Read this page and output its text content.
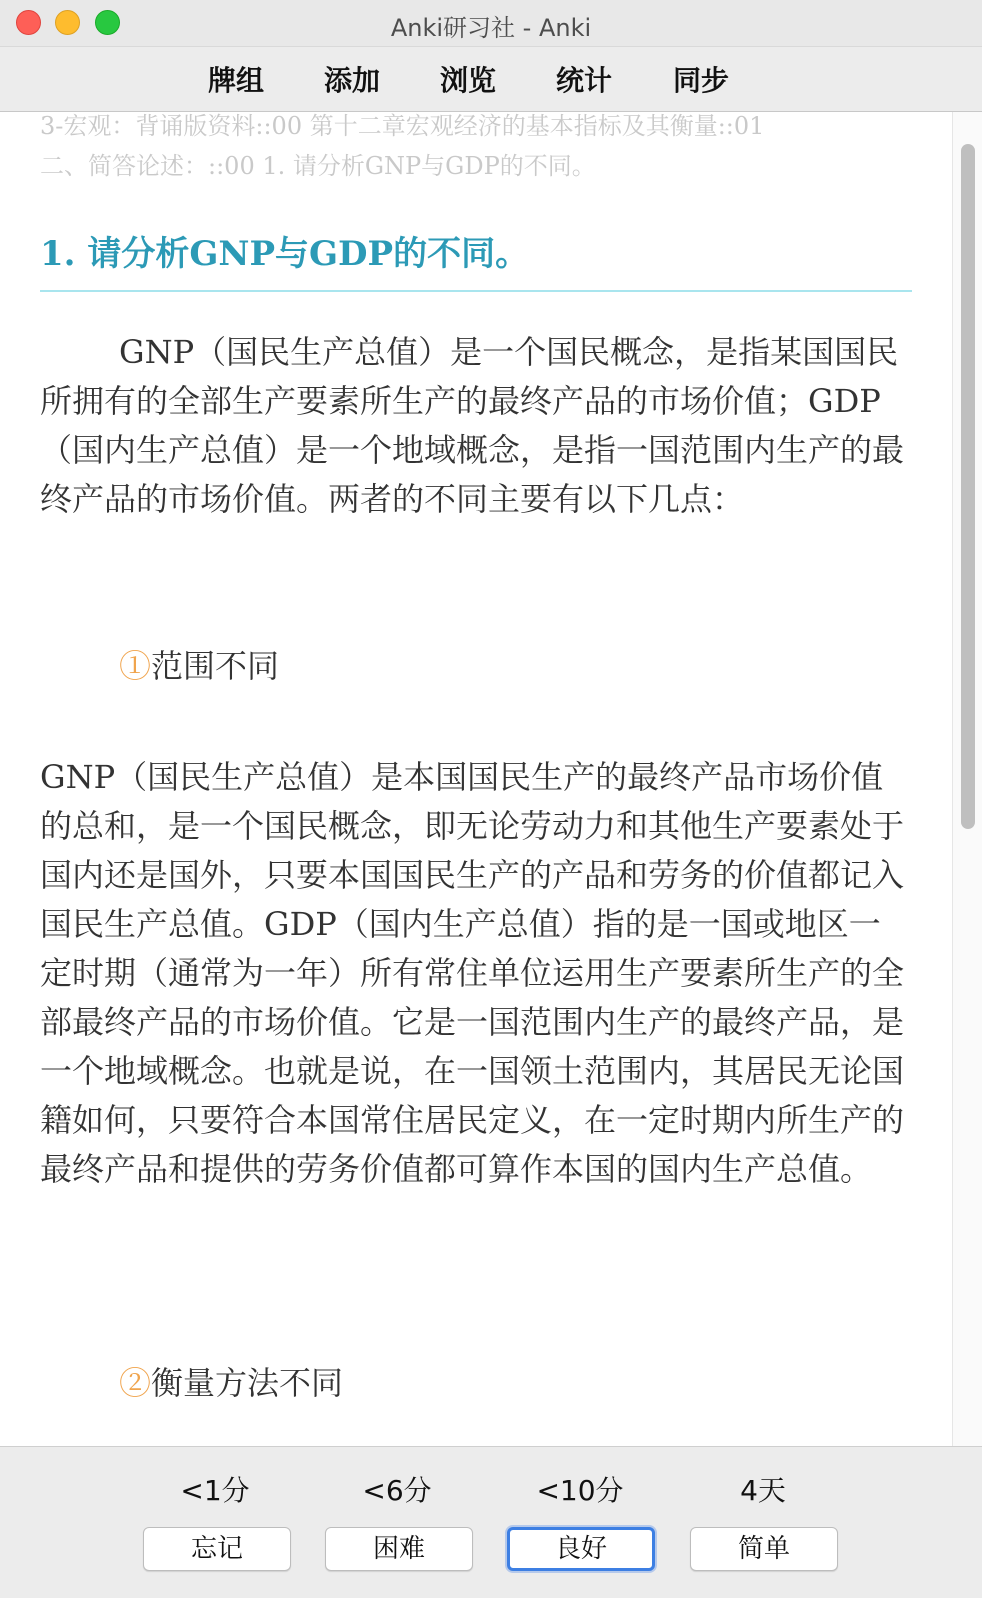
Anki研习社 - Anki
牌组 添加 浏览 统计 同步
3-宏观：背诵版资料::00 第十二章宏观经济的基本指标及其衡量::01
二、简答论述：::00 1. 请分析GNP与GDP的不同。
1. 请分析GNP与GDP的不同。
GNP（国民生产总值）是一个国民概念，是指某国国民所拥有的全部生产要素所生产的最终产品的市场价值；GDP（国内生产总值）是一个地域概念，是指一国范围内生产的最终产品的市场价值。两者的不同主要有以下几点：
①范围不同
GNP（国民生产总值）是本国国民生产的最终产品市场价值的总和，是一个国民概念，即无论劳动力和其他生产要素处于国内还是国外，只要本国国民生产的产品和劳务的价值都记入国民生产总值。GDP（国内生产总值）指的是一国或地区一定时期（通常为一年）所有常住单位运用生产要素所生产的全部最终产品的市场价值。它是一国范围内生产的最终产品，是一个地域概念。也就是说，在一国领土范围内，其居民无论国籍如何，只要符合本国常住居民定义，在一定时期内所生产的最终产品和提供的劳务价值都可算作本国的国内生产总值。
②衡量方法不同
<1分	<6分	<10分	4天
忘记	困难	良好	简单
